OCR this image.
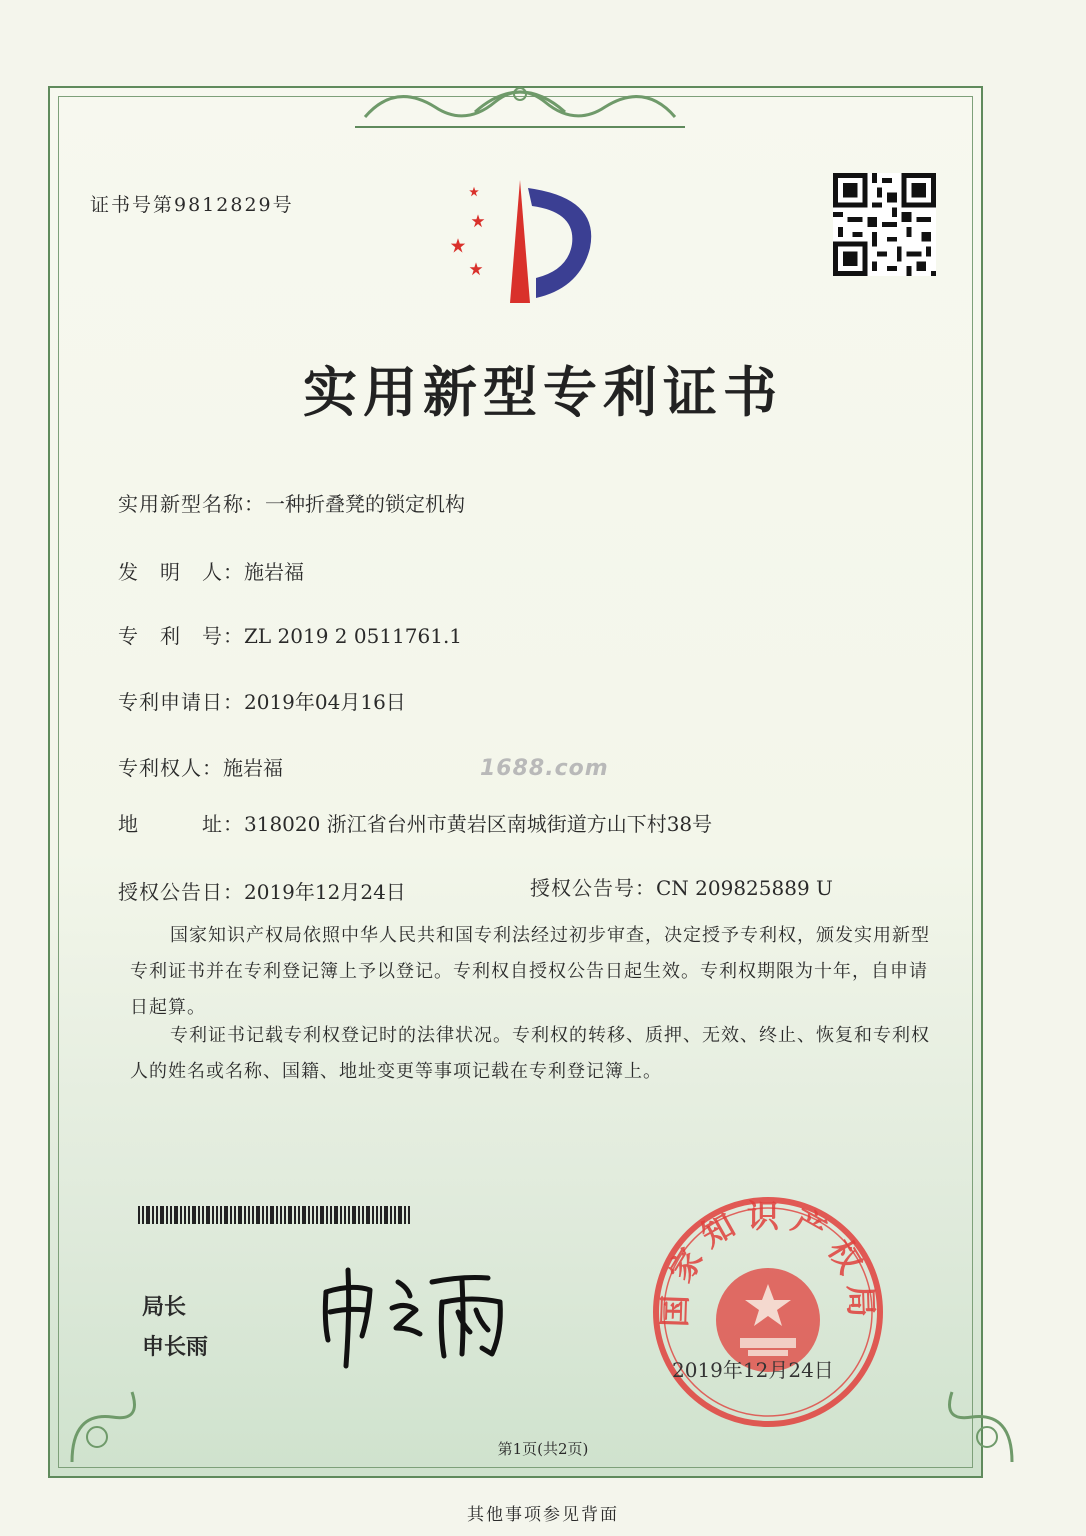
证书号第9812829号
实用新型专利证书
实用新型名称：一种折叠凳的锁定机构
发　明　人：施岩福
专　利　号：ZL 2019 2 0511761.1
专利申请日：2019年04月16日
专利权人：施岩福
地　　　址：318020 浙江省台州市黄岩区南城街道方山下村38号
授权公告日：2019年12月24日	授权公告号：CN 209825889 U
1688.com
国家知识产权局依照中华人民共和国专利法经过初步审查，决定授予专利权，颁发实用新型专利证书并在专利登记簿上予以登记。专利权自授权公告日起生效。专利权期限为十年，自申请日起算。
专利证书记载专利权登记时的法律状况。专利权的转移、质押、无效、终止、恢复和专利权人的姓名或名称、国籍、地址变更等事项记载在专利登记簿上。
局长
申长雨
国家知识产权局
2019年12月24日
第1页(共2页)
其他事项参见背面
